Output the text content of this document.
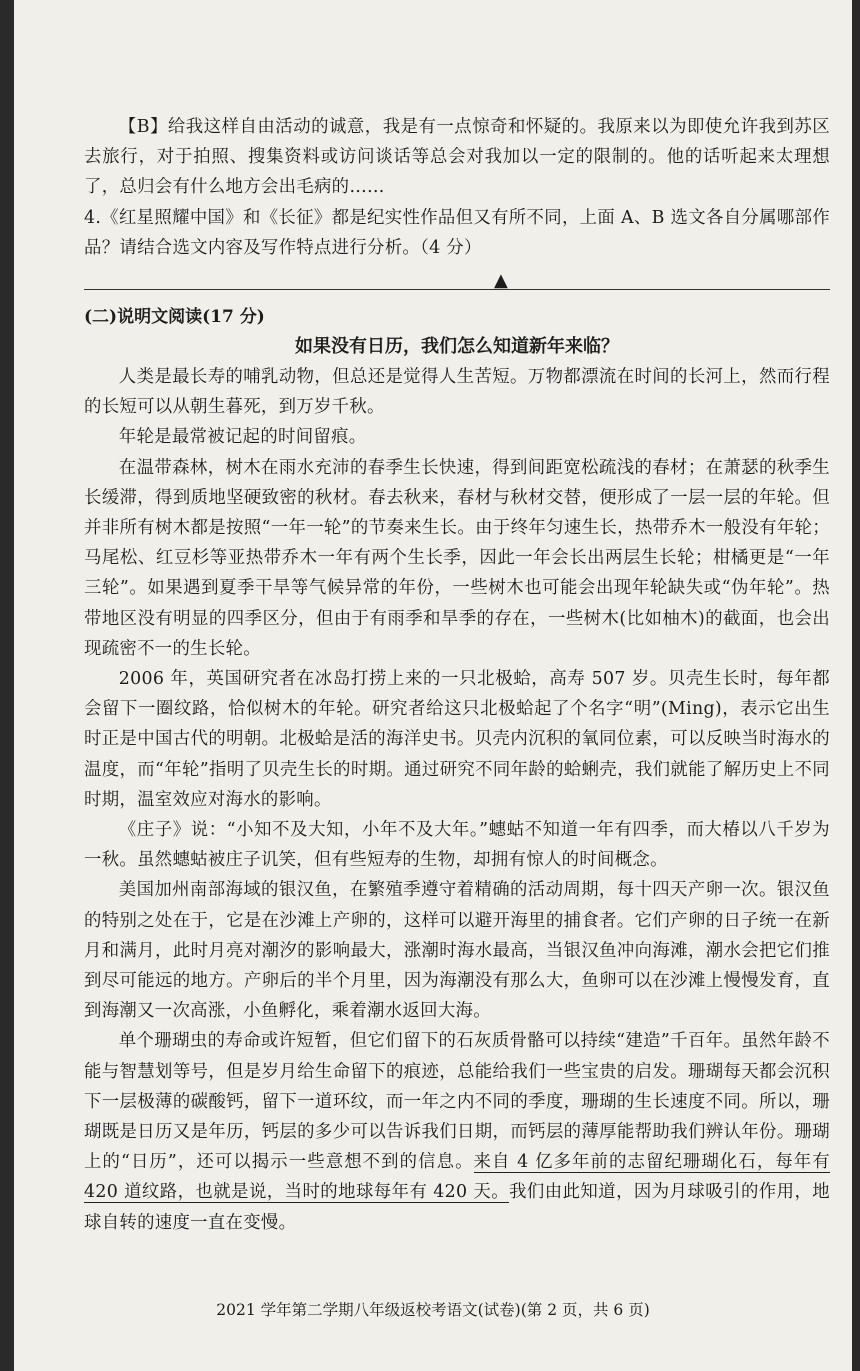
【B】给我这样自由活动的诚意，我是有一点惊奇和怀疑的。我原来以为即使允许我到苏区去旅行，对于拍照、搜集资料或访问谈话等总会对我加以一定的限制的。他的话听起来太理想了，总归会有什么地方会出毛病的……

4.《红星照耀中国》和《长征》都是纪实性作品但又有所不同，上面 A、B 选文各自分属哪部作品？请结合选文内容及写作特点进行分析。（4 分）

▲
(二)说明文阅读(17 分)
如果没有日历，我们怎么知道新年来临？

人类是最长寿的哺乳动物，但总还是觉得人生苦短。万物都漂流在时间的长河上，然而行程的长短可以从朝生暮死，到万岁千秋。

年轮是最常被记起的时间留痕。

在温带森林，树木在雨水充沛的春季生长快速，得到间距宽松疏浅的春材；在萧瑟的秋季生长缓滞，得到质地坚硬致密的秋材。春去秋来，春材与秋材交替，便形成了一层一层的年轮。但并非所有树木都是按照“一年一轮”的节奏来生长。由于终年匀速生长，热带乔木一般没有年轮；马尾松、红豆杉等亚热带乔木一年有两个生长季，因此一年会长出两层生长轮；柑橘更是“一年三轮”。如果遇到夏季干旱等气候异常的年份，一些树木也可能会出现年轮缺失或“伪年轮”。热带地区没有明显的四季区分，但由于有雨季和旱季的存在，一些树木(比如柚木)的截面，也会出现疏密不一的生长轮。

2006 年，英国研究者在冰岛打捞上来的一只北极蛤，高寿 507 岁。贝壳生长时，每年都会留下一圈纹路，恰似树木的年轮。研究者给这只北极蛤起了个名字“明”(Ming)，表示它出生时正是中国古代的明朝。北极蛤是活的海洋史书。贝壳内沉积的氧同位素，可以反映当时海水的温度，而“年轮”指明了贝壳生长的时期。通过研究不同年龄的蛤蜊壳，我们就能了解历史上不同时期，温室效应对海水的影响。

《庄子》说：“小知不及大知，小年不及大年。”蟪蛄不知道一年有四季，而大椿以八千岁为一秋。虽然蟪蛄被庄子讥笑，但有些短寿的生物，却拥有惊人的时间概念。

美国加州南部海域的银汉鱼，在繁殖季遵守着精确的活动周期，每十四天产卵一次。银汉鱼的特别之处在于，它是在沙滩上产卵的，这样可以避开海里的捕食者。它们产卵的日子统一在新月和满月，此时月亮对潮汐的影响最大，涨潮时海水最高，当银汉鱼冲向海滩，潮水会把它们推到尽可能远的地方。产卵后的半个月里，因为海潮没有那么大，鱼卵可以在沙滩上慢慢发育，直到海潮又一次高涨，小鱼孵化，乘着潮水返回大海。

单个珊瑚虫的寿命或许短暂，但它们留下的石灰质骨骼可以持续“建造”千百年。虽然年龄不能与智慧划等号，但是岁月给生命留下的痕迹，总能给我们一些宝贵的启发。珊瑚每天都会沉积下一层极薄的碳酸钙，留下一道环纹，而一年之内不同的季度，珊瑚的生长速度不同。所以，珊瑚既是日历又是年历，钙层的多少可以告诉我们日期，而钙层的薄厚能帮助我们辨认年份。珊瑚上的“日历”，还可以揭示一些意想不到的信息。来自 4 亿多年前的志留纪珊瑚化石，每年有 420 道纹路，也就是说，当时的地球每年有 420 天。我们由此知道，因为月球吸引的作用，地球自转的速度一直在变慢。

2021 学年第二学期八年级返校考语文(试卷)(第 2 页，共 6 页)
